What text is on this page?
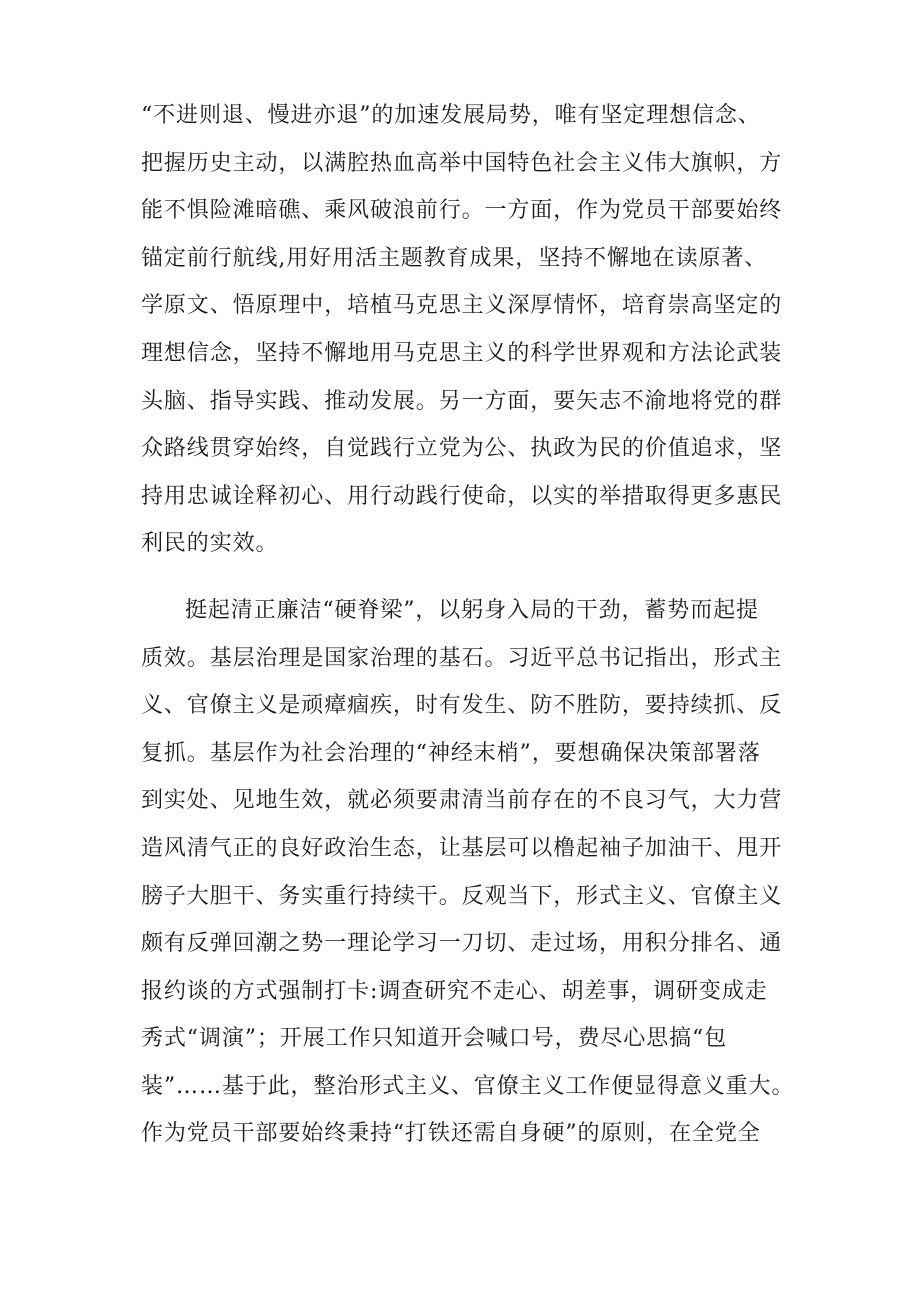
“不进则退、慢进亦退”的加速发展局势，唯有坚定理想信念、
把握历史主动，以满腔热血高举中国特色社会主义伟大旗帜，方
能不惧险滩暗礁、乘风破浪前行。一方面，作为党员干部要始终
锚定前行航线,用好用活主题教育成果，坚持不懈地在读原著、
学原文、悟原理中，培植马克思主义深厚情怀，培育崇高坚定的
理想信念，坚持不懈地用马克思主义的科学世界观和方法论武装
头脑、指导实践、推动发展。另一方面，要矢志不渝地将党的群
众路线贯穿始终，自觉践行立党为公、执政为民的价值追求，坚
持用忠诚诠释初心、用行动践行使命，以实的举措取得更多惠民
利民的实效。
挺起清正廉洁“硬脊梁”，以躬身入局的干劲，蓄势而起提
质效。基层治理是国家治理的基石。习近平总书记指出，形式主
义、官僚主义是顽瘴痼疾，时有发生、防不胜防，要持续抓、反
复抓。基层作为社会治理的“神经末梢”，要想确保决策部署落
到实处、见地生效，就必须要肃清当前存在的不良习气，大力营
造风清气正的良好政治生态，让基层可以橹起袖子加油干、甩开
膀子大胆干、务实重行持续干。反观当下，形式主义、官僚主义
颇有反弹回潮之势一理论学习一刀切、走过场，用积分排名、通
报约谈的方式强制打卡:调查研究不走心、胡差事，调研变成走
秀式“调演”；开展工作只知道开会喊口号，费尽心思搞“包
装”……基于此，整治形式主义、官僚主义工作便显得意义重大。
作为党员干部要始终秉持“打铁还需自身硬”的原则，在全党全
